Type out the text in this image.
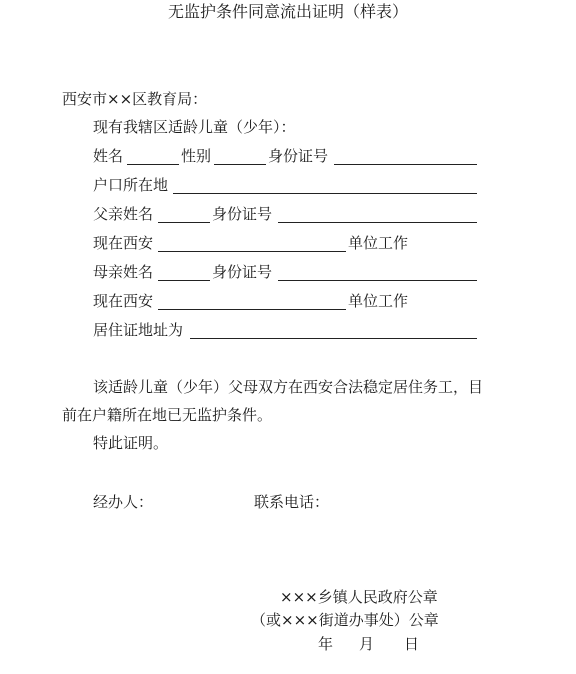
无监护条件同意流出证明（样表）
西安市××区教育局：
现有我辖区适龄儿童（少年）：
姓名	性别	身份证号
户口所在地
父亲姓名	身份证号
现在西安	单位工作
母亲姓名	身份证号
现在西安	单位工作
居住证地址为
该适龄儿童（少年）父母双方在西安合法稳定居住务工，目
前在户籍所在地已无监护条件。
特此证明。
经办人：	联系电话：
×××乡镇人民政府公章
（或×××街道办事处）公章
年 月 日
